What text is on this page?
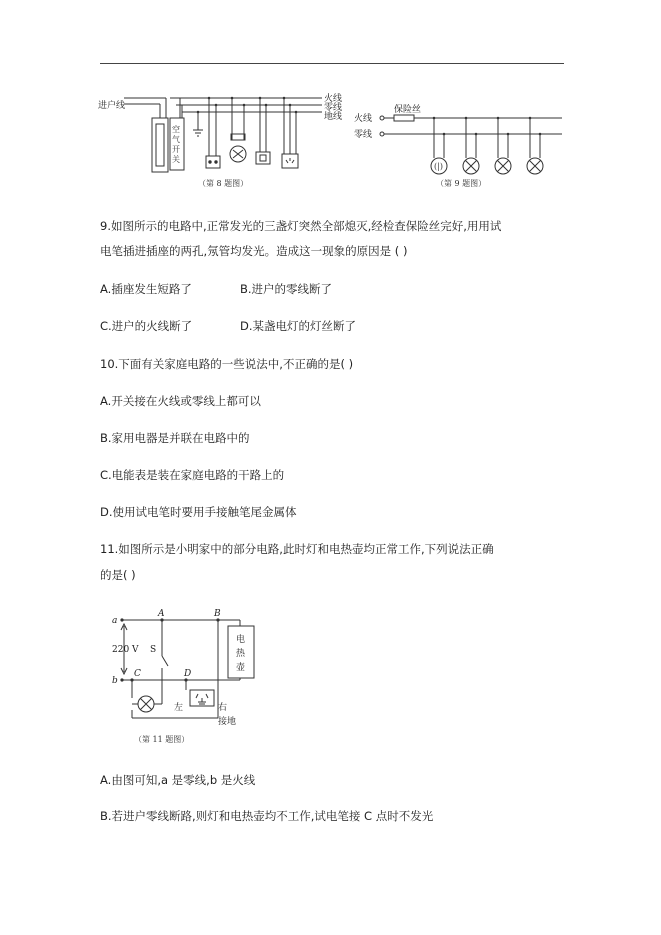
进户线
火线
零线
地线
空
气
开
关
（第 8 题图）
(|)
保险丝
火线
零线
（第 9 题图）
9.如图所示的电路中,正常发光的三盏灯突然全部熄灭,经检查保险丝完好,用用试
电笔插进插座的两孔,氖管均发光。造成这一现象的原因是 ( )
A.插座发生短路了	B.进户的零线断了
C.进户的火线断了	D.某盏电灯的灯丝断了
10.下面有关家庭电路的一些说法中,不正确的是( )
A.开关接在火线或零线上都可以
B.家用电器是并联在电路中的
C.电能表是装在家庭电路的干路上的
D.使用试电笔时要用手接触笔尾金属体
11.如图所示是小明家中的部分电路,此时灯和电热壶均正常工作,下列说法正确
的是( )
a
b
A	B
C	D
220 V S
电
热
壶
左	右
接地
（第 11 题图）
A.由图可知,a 是零线,b 是火线
B.若进户零线断路,则灯和电热壶均不工作,试电笔接 C 点时不发光
